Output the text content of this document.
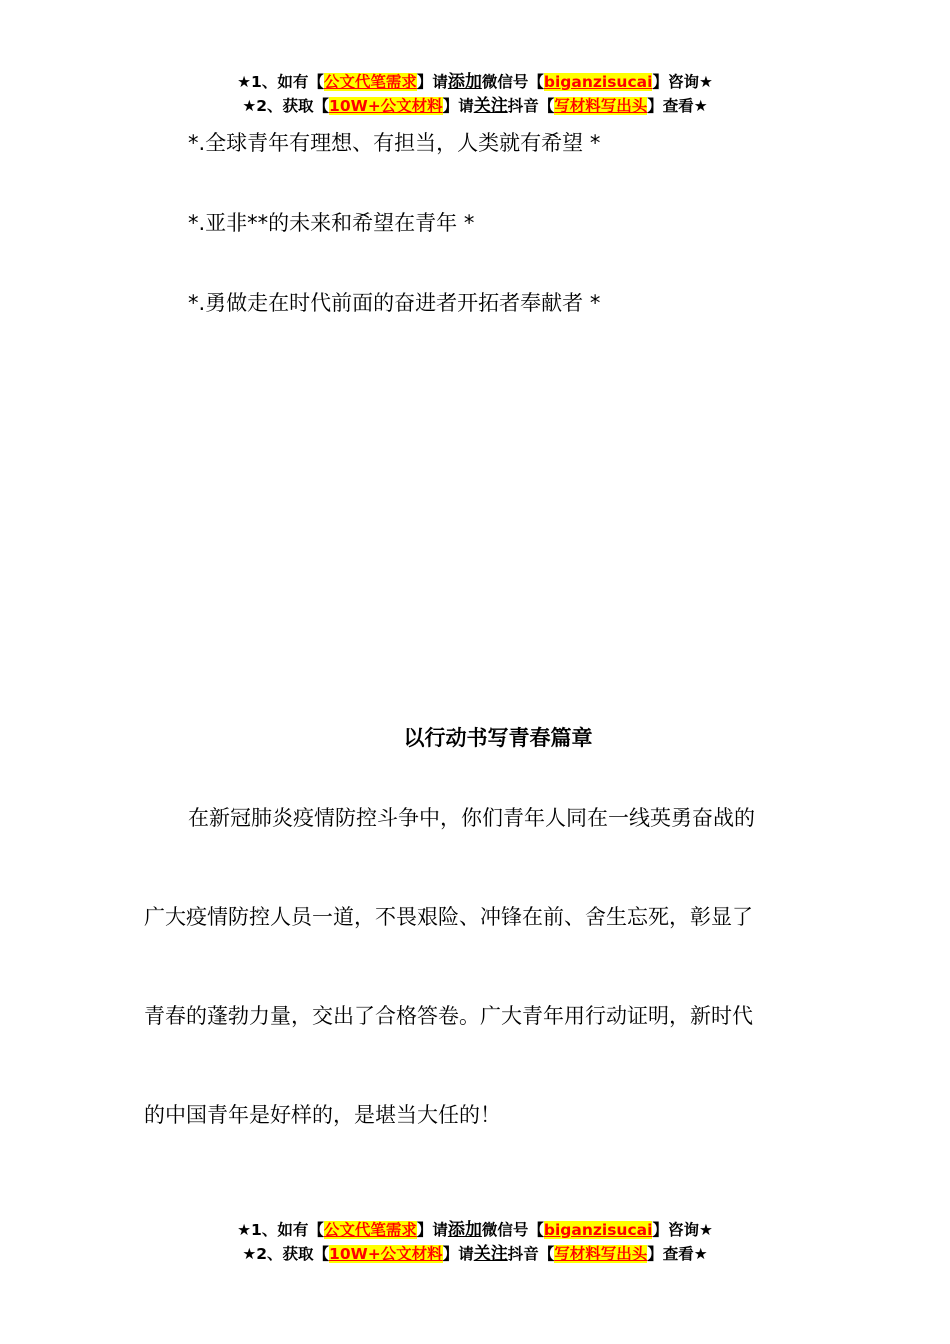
★1、如有【公文代笔需求】请添加微信号【biganzisucai】咨询★
★2、获取【10W+公文材料】请关注抖音【写材料写出头】查看★
*.全球青年有理想、有担当，人类就有希望 *
*.亚非**的未来和希望在青年 *
*.勇做走在时代前面的奋进者开拓者奉献者 *
以行动书写青春篇章
在新冠肺炎疫情防控斗争中，你们青年人同在一线英勇奋战的
广大疫情防控人员一道，不畏艰险、冲锋在前、舍生忘死，彰显了
青春的蓬勃力量，交出了合格答卷。广大青年用行动证明，新时代
的中国青年是好样的，是堪当大任的！
★1、如有【公文代笔需求】请添加微信号【biganzisucai】咨询★
★2、获取【10W+公文材料】请关注抖音【写材料写出头】查看★
